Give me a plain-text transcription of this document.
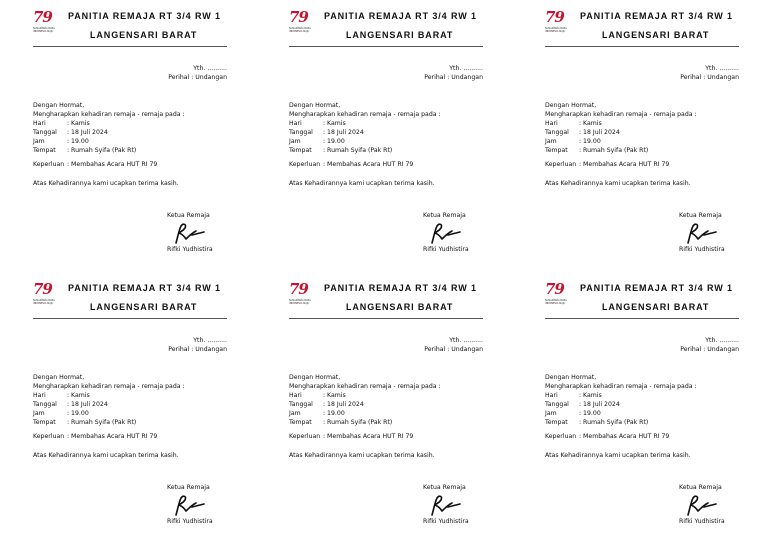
79
NUSANTARA BARU INDONESIA MAJU
PANITIA REMAJA RT 3/4 RW 1
LANGENSARI BARAT
Yth. ..........
Perihal : Undangan
Dengan Hormat,
Mengharapkan kehadiran remaja - remaja pada :
Hari	: Kamis
Tanggal	: 18 Juli 2024
Jam	: 19.00
Tempat	: Rumah Syifa (Pak Rt)
Keperluan : Membahas Acara HUT RI 79
Atas Kehadirannya kami ucapkan terima kasih.
Ketua Remaja
Rifki Yudhistira
79
NUSANTARA BARU INDONESIA MAJU
PANITIA REMAJA RT 3/4 RW 1
LANGENSARI BARAT
Yth. ..........
Perihal : Undangan
Dengan Hormat,
Mengharapkan kehadiran remaja - remaja pada :
Hari	: Kamis
Tanggal	: 18 Juli 2024
Jam	: 19.00
Tempat	: Rumah Syifa (Pak Rt)
Keperluan : Membahas Acara HUT RI 79
Atas Kehadirannya kami ucapkan terima kasih.
Ketua Remaja
Rifki Yudhistira
79
NUSANTARA BARU INDONESIA MAJU
PANITIA REMAJA RT 3/4 RW 1
LANGENSARI BARAT
Yth. ..........
Perihal : Undangan
Dengan Hormat,
Mengharapkan kehadiran remaja - remaja pada :
Hari	: Kamis
Tanggal	: 18 Juli 2024
Jam	: 19.00
Tempat	: Rumah Syifa (Pak Rt)
Keperluan : Membahas Acara HUT RI 79
Atas Kehadirannya kami ucapkan terima kasih.
Ketua Remaja
Rifki Yudhistira
79
NUSANTARA BARU INDONESIA MAJU
PANITIA REMAJA RT 3/4 RW 1
LANGENSARI BARAT
Yth. ..........
Perihal : Undangan
Dengan Hormat,
Mengharapkan kehadiran remaja - remaja pada :
Hari	: Kamis
Tanggal	: 18 Juli 2024
Jam	: 19.00
Tempat	: Rumah Syifa (Pak Rt)
Keperluan : Membahas Acara HUT RI 79
Atas Kehadirannya kami ucapkan terima kasih.
Ketua Remaja
Rifki Yudhistira
79
NUSANTARA BARU INDONESIA MAJU
PANITIA REMAJA RT 3/4 RW 1
LANGENSARI BARAT
Yth. ..........
Perihal : Undangan
Dengan Hormat,
Mengharapkan kehadiran remaja - remaja pada :
Hari	: Kamis
Tanggal	: 18 Juli 2024
Jam	: 19.00
Tempat	: Rumah Syifa (Pak Rt)
Keperluan : Membahas Acara HUT RI 79
Atas Kehadirannya kami ucapkan terima kasih.
Ketua Remaja
Rifki Yudhistira
79
NUSANTARA BARU INDONESIA MAJU
PANITIA REMAJA RT 3/4 RW 1
LANGENSARI BARAT
Yth. ..........
Perihal : Undangan
Dengan Hormat,
Mengharapkan kehadiran remaja - remaja pada :
Hari	: Kamis
Tanggal	: 18 Juli 2024
Jam	: 19.00
Tempat	: Rumah Syifa (Pak Rt)
Keperluan : Membahas Acara HUT RI 79
Atas Kehadirannya kami ucapkan terima kasih.
Ketua Remaja
Rifki Yudhistira
